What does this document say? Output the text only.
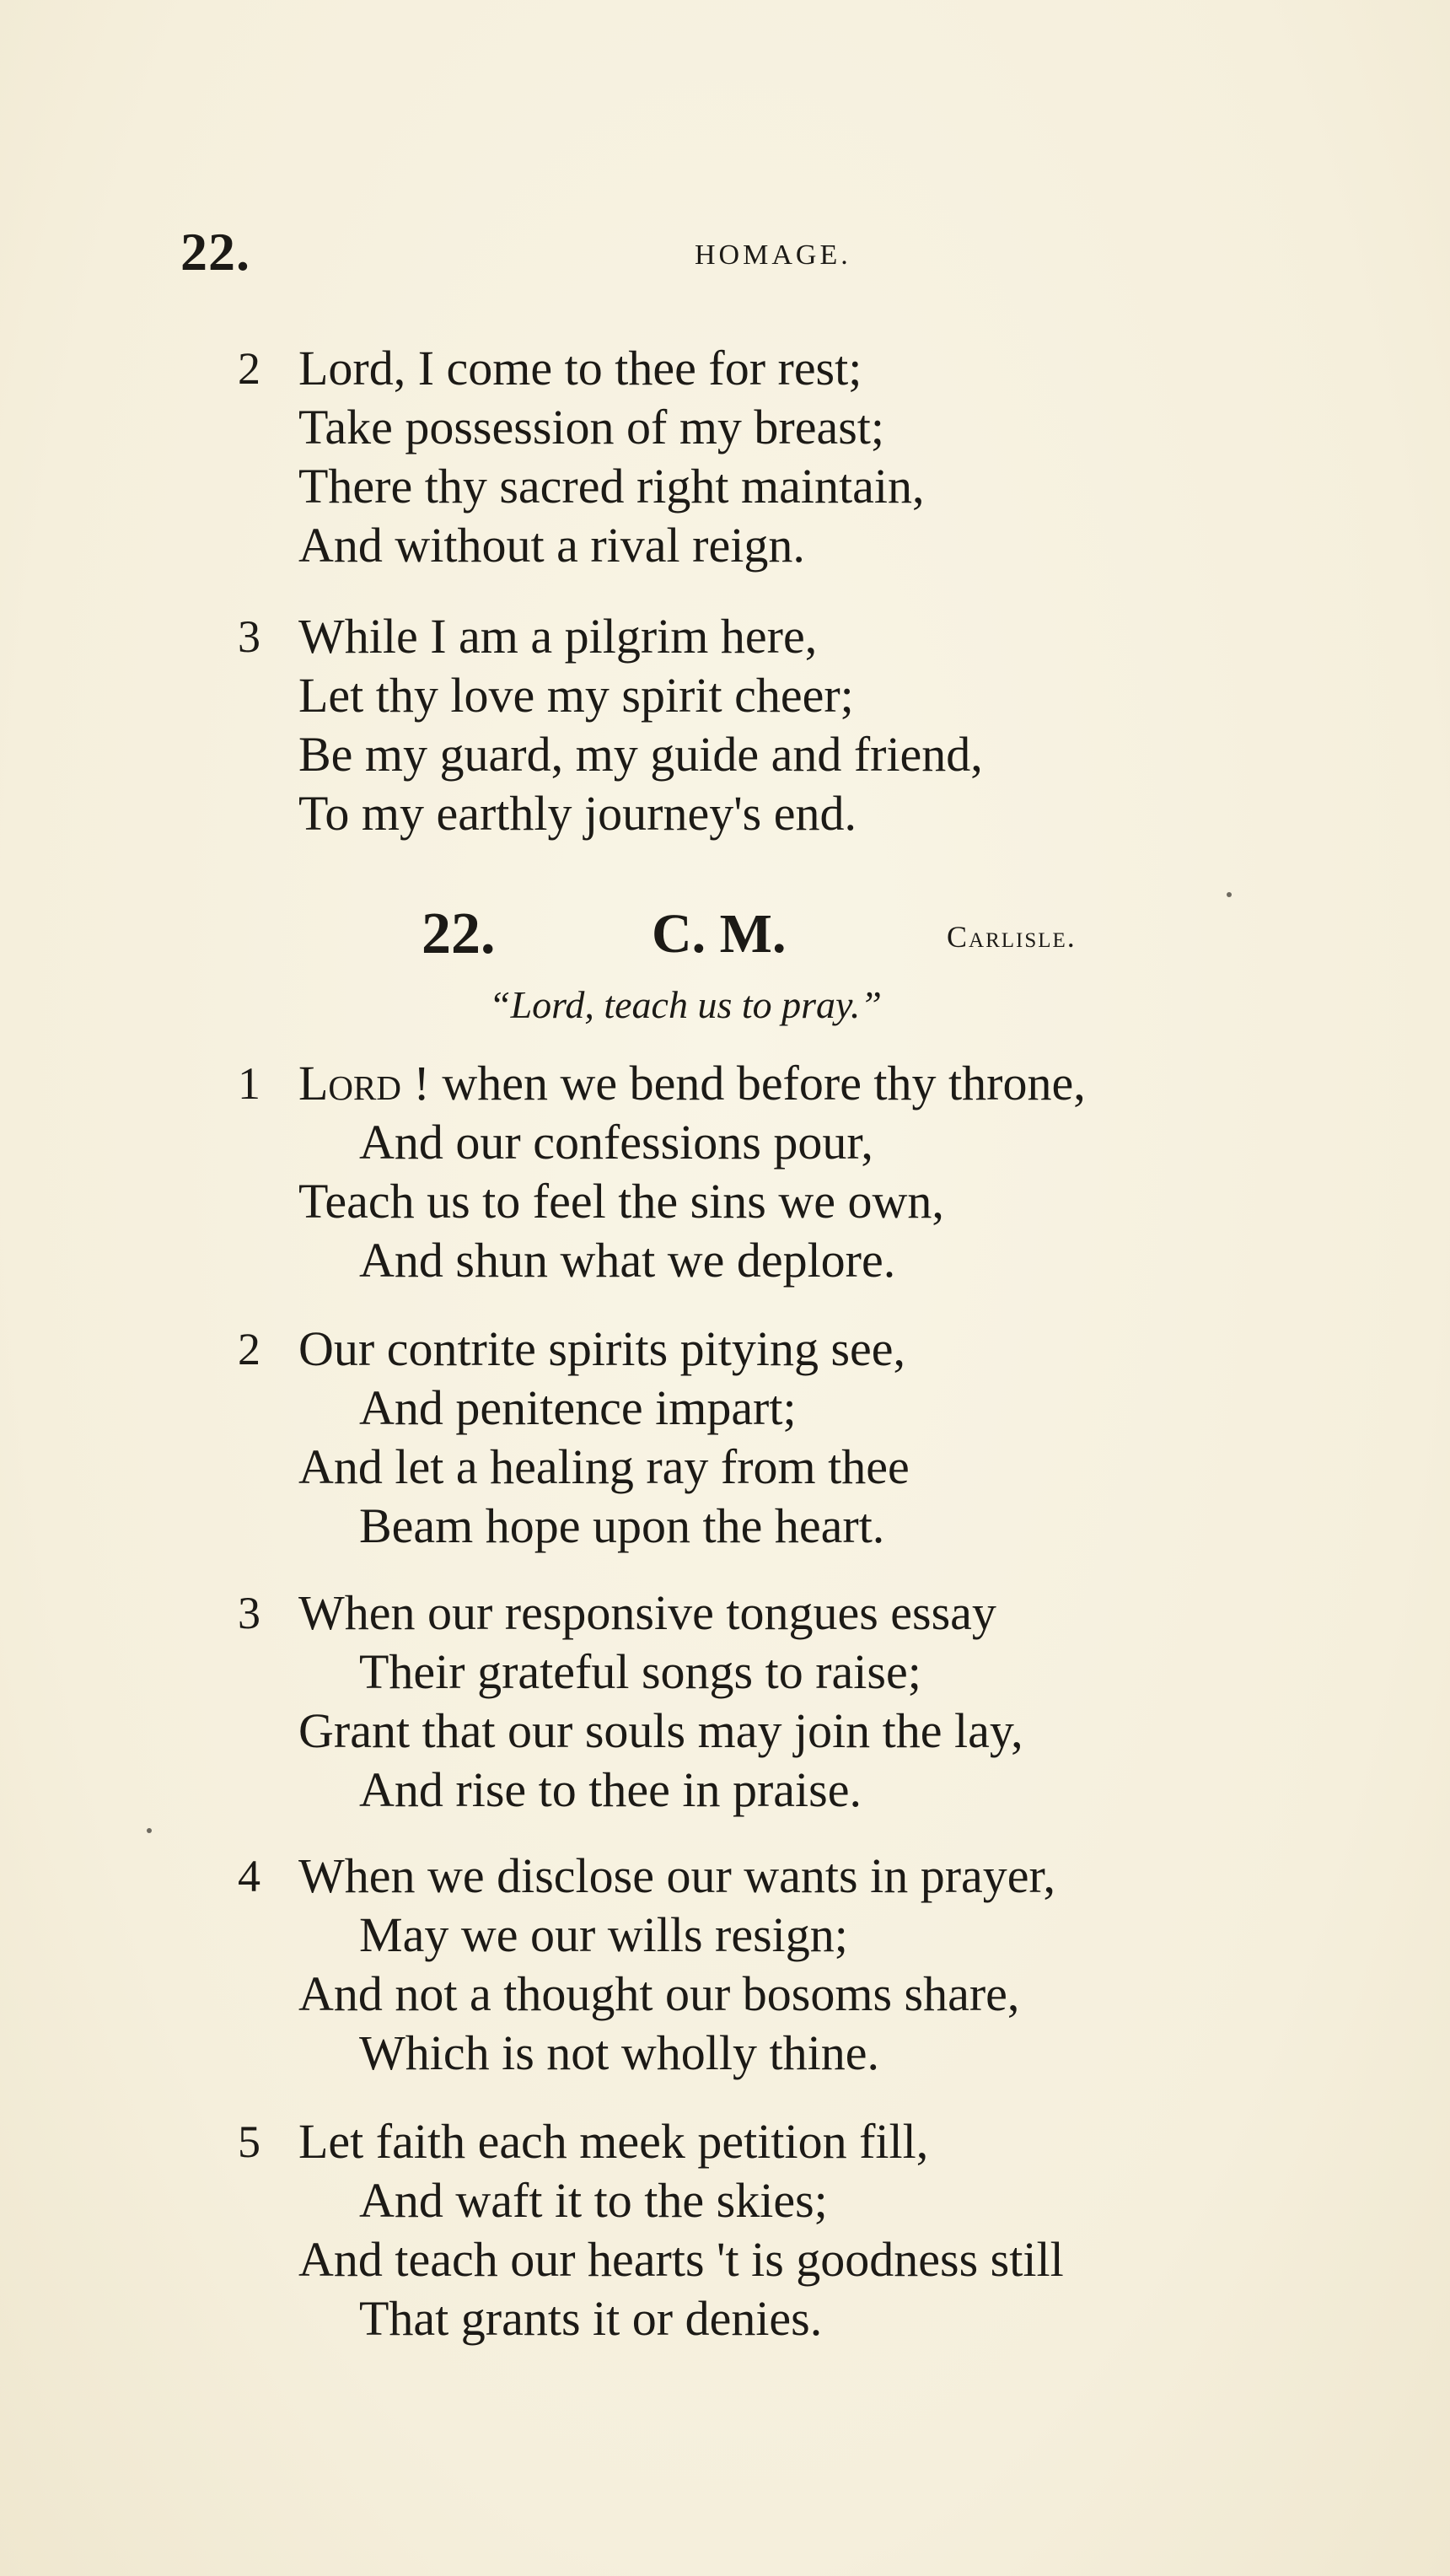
22.	HOMAGE.
2 Lord, I come to thee for rest;
Take possession of my breast;
There thy sacred right maintain,
And without a rival reign.
3 While I am a pilgrim here,
Let thy love my spirit cheer;
Be my guard, my guide and friend,
To my earthly journey's end.
22.	C. M.	Carlisle.
“Lord, teach us to pray.”
1 Lord ! when we bend before thy throne,
And our confessions pour,
Teach us to feel the sins we own,
And shun what we deplore.
2 Our contrite spirits pitying see,
And penitence impart;
And let a healing ray from thee
Beam hope upon the heart.
3 When our responsive tongues essay
Their grateful songs to raise;
Grant that our souls may join the lay,
And rise to thee in praise.
4 When we disclose our wants in prayer,
May we our wills resign;
And not a thought our bosoms share,
Which is not wholly thine.
5 Let faith each meek petition fill,
And waft it to the skies;
And teach our hearts 't is goodness still
That grants it or denies.
